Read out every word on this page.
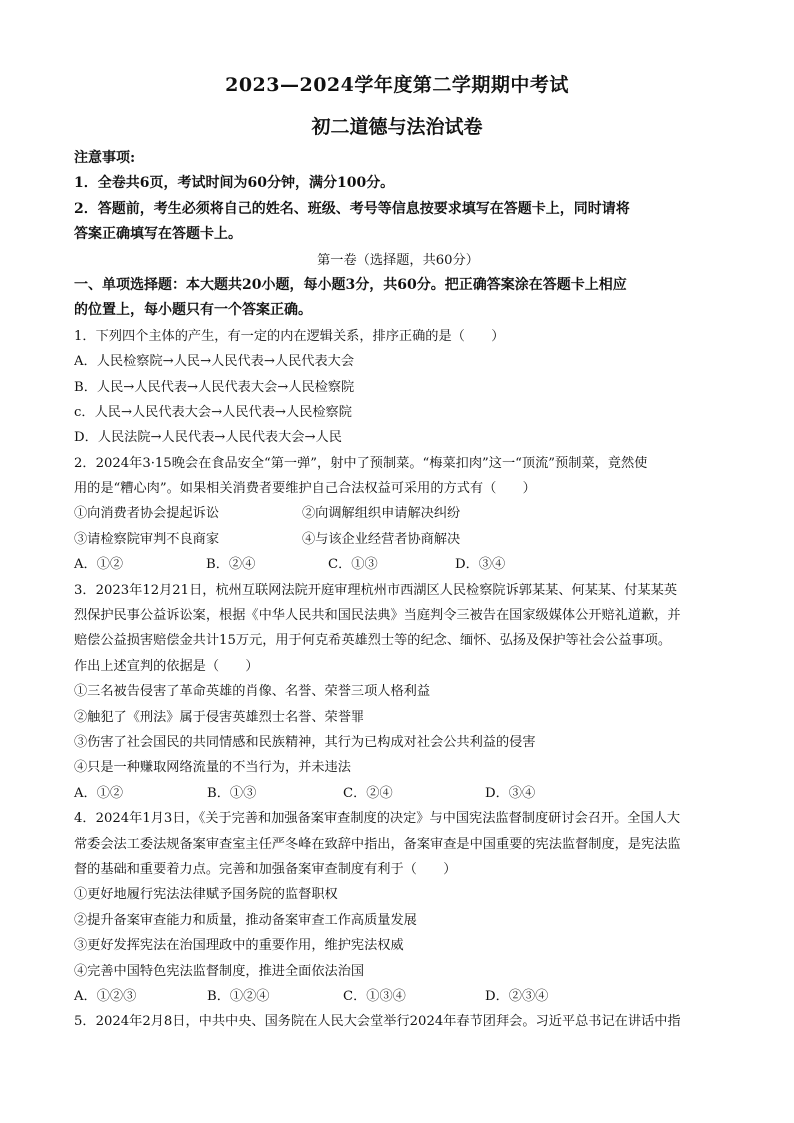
2023—2024学年度第二学期期中考试
初二道德与法治试卷
注意事项:
1．全卷共6页，考试时间为60分钟，满分100分。
2．答题前，考生必须将自己的姓名、班级、考号等信息按要求填写在答题卡上，同时请将
答案正确填写在答题卡上。
第一卷（选择题，共60分）
一、单项选择题：本大题共20小题，每小题3分，共60分。把正确答案涂在答题卡上相应
的位置上，每小题只有一个答案正确。
1．下列四个主体的产生，有一定的内在逻辑关系，排序正确的是（　　）
A．人民检察院→人民→人民代表→人民代表大会
B．人民→人民代表→人民代表大会→人民检察院
c．人民→人民代表大会→人民代表→人民检察院
D．人民法院→人民代表→人民代表大会→人民
2．2024年3·15晚会在食品安全“第一弹”，射中了预制菜。“梅菜扣肉”这一“顶流”预制菜，竟然使
用的是“糟心肉”。如果相关消费者要维护自己合法权益可采用的方式有（　　）
①向消费者协会提起诉讼	②向调解组织申请解决纠纷
③请检察院审判不良商家	④与该企业经营者协商解决
A．①②	B．②④	C．①③	D．③④
3．2023年12月21日，杭州互联网法院开庭审理杭州市西湖区人民检察院诉郭某某、何某某、付某某英
烈保护民事公益诉讼案，根据《中华人民共和国民法典》当庭判令三被告在国家级媒体公开赔礼道歉，并
赔偿公益损害赔偿金共计15万元，用于何克希英雄烈士等的纪念、缅怀、弘扬及保护等社会公益事项。
作出上述宣判的依据是（　　）
①三名被告侵害了革命英雄的肖像、名誉、荣誉三项人格利益
②触犯了《刑法》属于侵害英雄烈士名誉、荣誉罪
③伤害了社会国民的共同情感和民族精神，其行为已构成对社会公共利益的侵害
④只是一种赚取网络流量的不当行为，并未违法
A．①②	B．①③	C．②④	D．③④
4．2024年1月3日，《关于完善和加强备案审查制度的决定》与中国宪法监督制度研讨会召开。全国人大
常委会法工委法规备案审查室主任严冬峰在致辞中指出，备案审查是中国重要的宪法监督制度，是宪法监
督的基础和重要着力点。完善和加强备案审查制度有利于（　　）
①更好地履行宪法法律赋予国务院的监督职权
②提升备案审查能力和质量，推动备案审查工作高质量发展
③更好发挥宪法在治国理政中的重要作用，维护宪法权威
④完善中国特色宪法监督制度，推进全面依法治国
A．①②③	B．①②④	C．①③④	D．②③④
5．2024年2月8日，中共中央、国务院在人民大会堂举行2024年春节团拜会。习近平总书记在讲话中指
